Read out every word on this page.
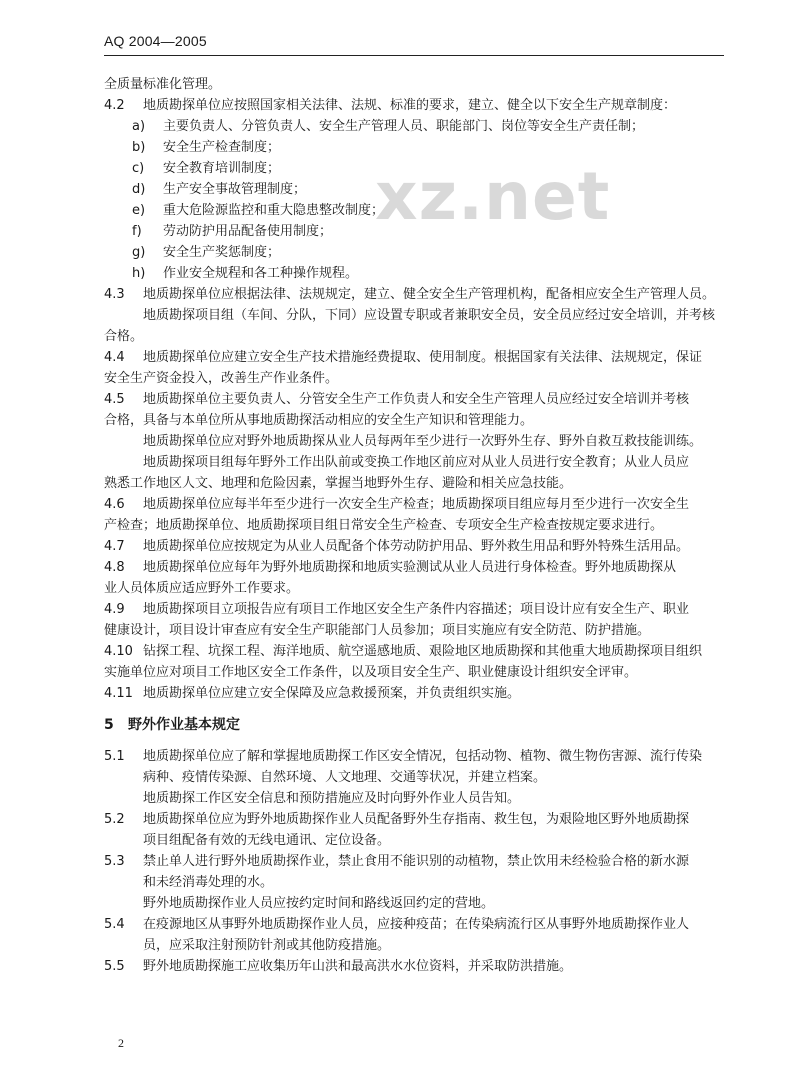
AQ 2004—2005
xz.net
全质量标准化管理。
4.2 地质勘探单位应按照国家相关法律、法规、标准的要求，建立、健全以下安全生产规章制度：
a) 主要负责人、分管负责人、安全生产管理人员、职能部门、岗位等安全生产责任制；
b) 安全生产检查制度；
c) 安全教育培训制度；
d) 生产安全事故管理制度；
e) 重大危险源监控和重大隐患整改制度；
f) 劳动防护用品配备使用制度；
g) 安全生产奖惩制度；
h) 作业安全规程和各工种操作规程。
4.3 地质勘探单位应根据法律、法规规定，建立、健全安全生产管理机构，配备相应安全生产管理人员。
地质勘探项目组（车间、分队，下同）应设置专职或者兼职安全员，安全员应经过安全培训，并考核
合格。
4.4 地质勘探单位应建立安全生产技术措施经费提取、使用制度。根据国家有关法律、法规规定，保证
安全生产资金投入，改善生产作业条件。
4.5 地质勘探单位主要负责人、分管安全生产工作负责人和安全生产管理人员应经过安全培训并考核
合格，具备与本单位所从事地质勘探活动相应的安全生产知识和管理能力。
地质勘探单位应对野外地质勘探从业人员每两年至少进行一次野外生存、野外自救互救技能训练。
地质勘探项目组每年野外工作出队前或变换工作地区前应对从业人员进行安全教育；从业人员应
熟悉工作地区人文、地理和危险因素，掌握当地野外生存、避险和相关应急技能。
4.6 地质勘探单位应每半年至少进行一次安全生产检查；地质勘探项目组应每月至少进行一次安全生
产检查；地质勘探单位、地质勘探项目组日常安全生产检查、专项安全生产检查按规定要求进行。
4.7 地质勘探单位应按规定为从业人员配备个体劳动防护用品、野外救生用品和野外特殊生活用品。
4.8 地质勘探单位应每年为野外地质勘探和地质实验测试从业人员进行身体检查。野外地质勘探从
业人员体质应适应野外工作要求。
4.9 地质勘探项目立项报告应有项目工作地区安全生产条件内容描述；项目设计应有安全生产、职业
健康设计，项目设计审查应有安全生产职能部门人员参加；项目实施应有安全防范、防护措施。
4.10 钻探工程、坑探工程、海洋地质、航空遥感地质、艰险地区地质勘探和其他重大地质勘探项目组织
实施单位应对项目工作地区安全工作条件，以及项目安全生产、职业健康设计组织安全评审。
4.11 地质勘探单位应建立安全保障及应急救援预案，并负责组织实施。
5 野外作业基本规定
5.1 地质勘探单位应了解和掌握地质勘探工作区安全情况，包括动物、植物、微生物伤害源、流行传染
病种、疫情传染源、自然环境、人文地理、交通等状况，并建立档案。
地质勘探工作区安全信息和预防措施应及时向野外作业人员告知。
5.2 地质勘探单位应为野外地质勘探作业人员配备野外生存指南、救生包，为艰险地区野外地质勘探
项目组配备有效的无线电通讯、定位设备。
5.3 禁止单人进行野外地质勘探作业，禁止食用不能识别的动植物，禁止饮用未经检验合格的新水源
和未经消毒处理的水。
野外地质勘探作业人员应按约定时间和路线返回约定的营地。
5.4 在疫源地区从事野外地质勘探作业人员，应接种疫苗；在传染病流行区从事野外地质勘探作业人
员，应采取注射预防针剂或其他防疫措施。
5.5 野外地质勘探施工应收集历年山洪和最高洪水水位资料，并采取防洪措施。
2
